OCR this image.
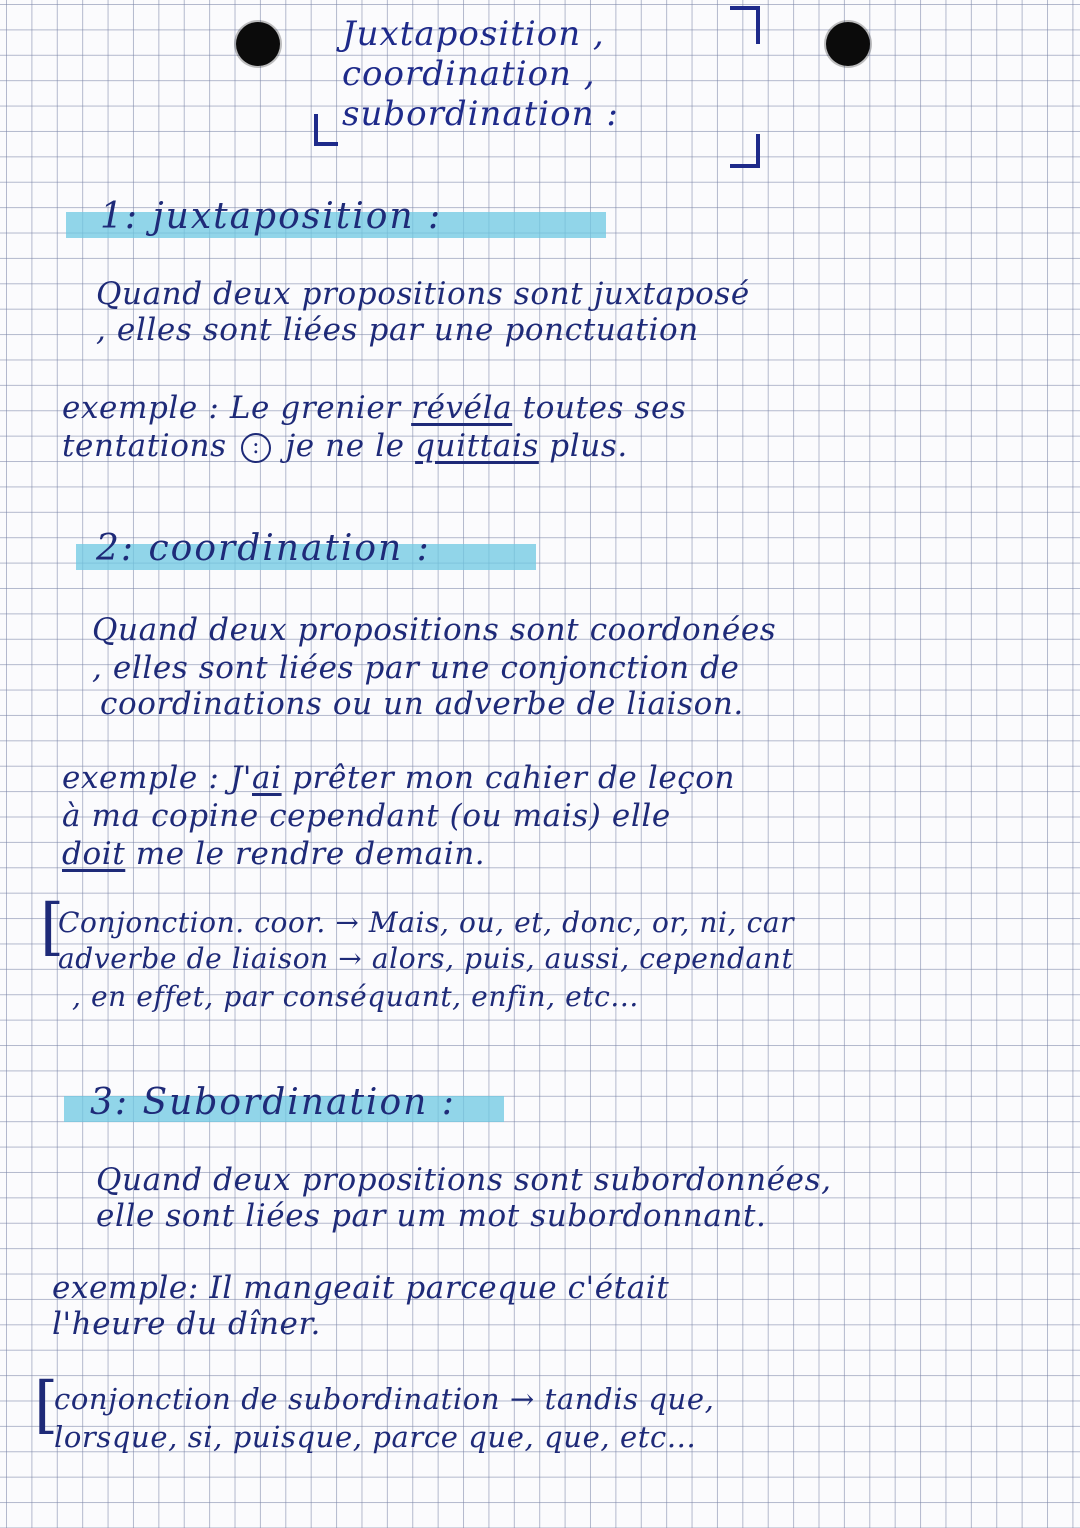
Juxtaposition ,
coordination ,
subordination :
1: juxtaposition :
Quand deux propositions sont juxtaposé
, elles sont liées par une ponctuation
exemple : Le grenier révéla toutes ses
tentations : je ne le quittais plus.
2: coordination :
Quand deux propositions sont coordonées
, elles sont liées par une conjonction de
coordinations ou un adverbe de liaison.
exemple : J'ai prêter mon cahier de leçon
à ma copine cependant (ou mais) elle
doit me le rendre demain.
[
Conjonction. coor. → Mais, ou, et, donc, or, ni, car
adverbe de liaison → alors, puis, aussi, cependant
, en effet, par conséquant, enfin, etc...
3: Subordination :
Quand deux propositions sont subordonnées,
elle sont liées par um mot subordonnant.
exemple: Il mangeait parceque c'était
l'heure du dîner.
[
conjonction de subordination → tandis que,
lorsque, si, puisque, parce que, que, etc...
